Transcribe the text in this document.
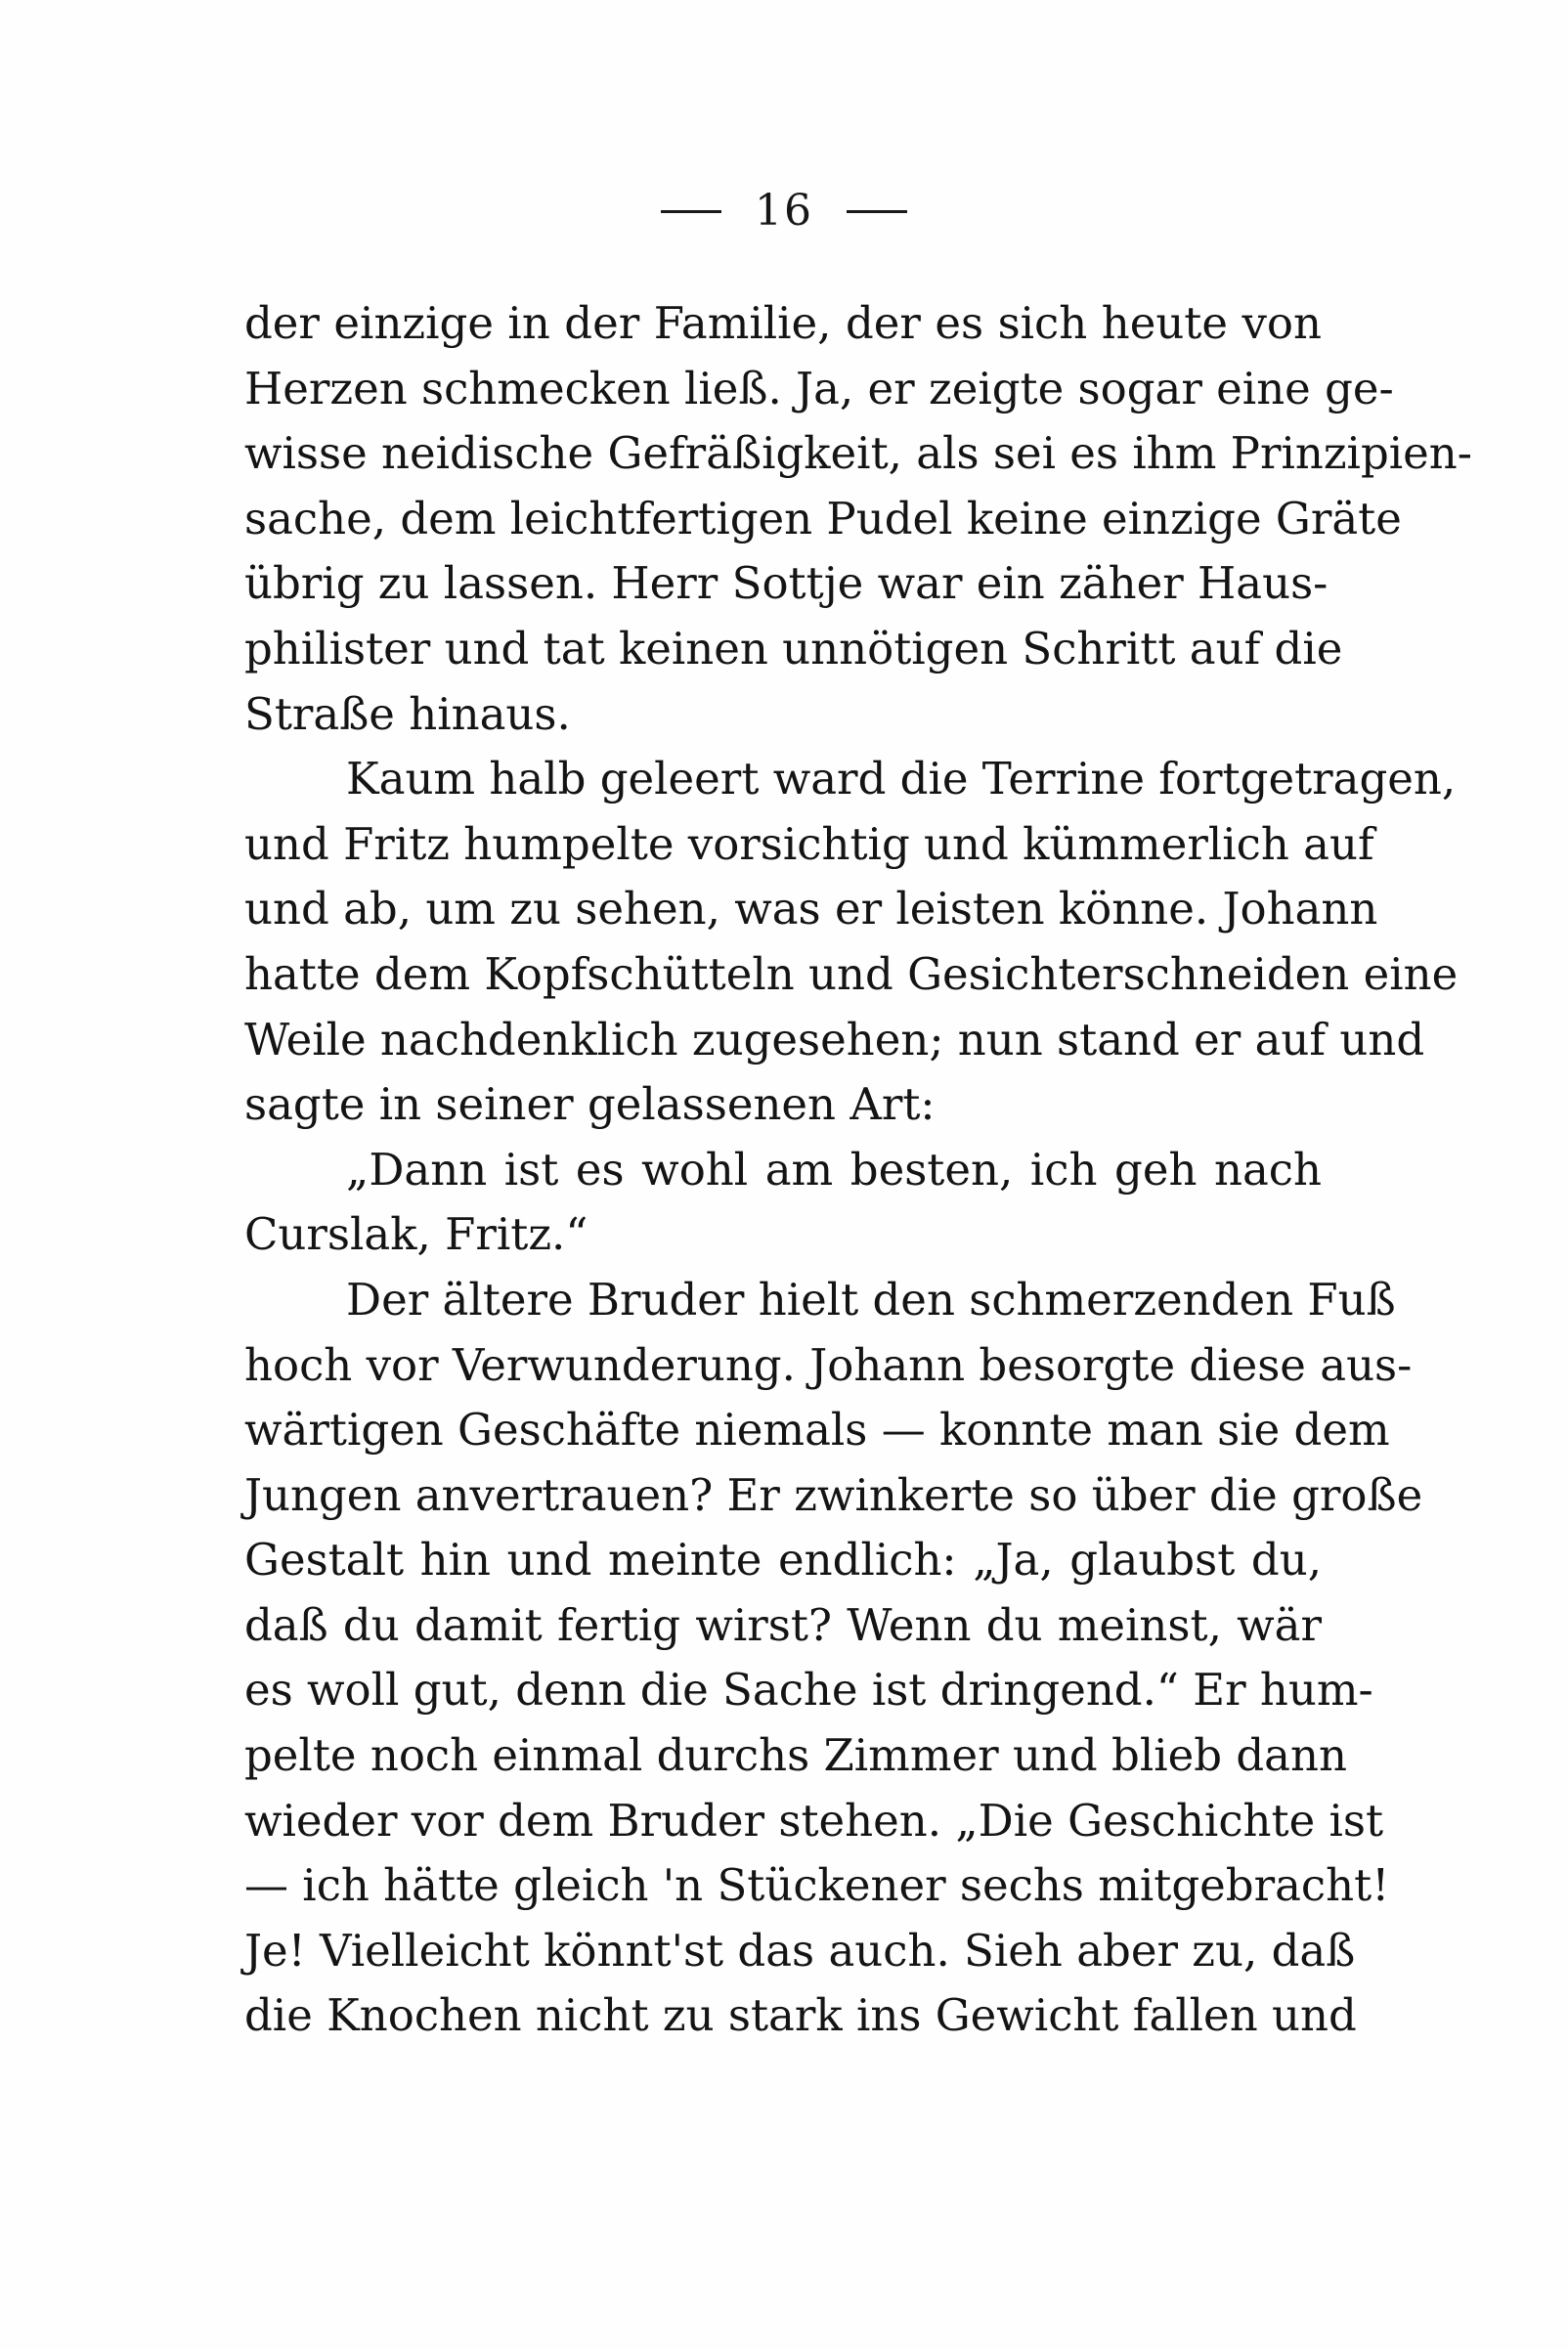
16
der einzige in der Familie, der es sich heute von
Herzen schmecken ließ. Ja, er zeigte sogar eine ge-
wisse neidische Gefräßigkeit, als sei es ihm Prinzipien-
sache, dem leichtfertigen Pudel keine einzige Gräte
übrig zu lassen. Herr Sottje war ein zäher Haus-
philister und tat keinen unnötigen Schritt auf die
Straße hinaus.
Kaum halb geleert ward die Terrine fortgetragen,
und Fritz humpelte vorsichtig und kümmerlich auf
und ab, um zu sehen, was er leisten könne. Johann
hatte dem Kopfschütteln und Gesichterschneiden eine
Weile nachdenklich zugesehen; nun stand er auf und
sagte in seiner gelassenen Art:
„Dann ist es wohl am besten, ich geh nach
Curslak, Fritz.“
Der ältere Bruder hielt den schmerzenden Fuß
hoch vor Verwunderung. Johann besorgte diese aus-
wärtigen Geschäfte niemals — konnte man sie dem
Jungen anvertrauen? Er zwinkerte so über die große
Gestalt hin und meinte endlich: „Ja, glaubst du,
daß du damit fertig wirst? Wenn du meinst, wär
es woll gut, denn die Sache ist dringend.“ Er hum-
pelte noch einmal durchs Zimmer und blieb dann
wieder vor dem Bruder stehen. „Die Geschichte ist
— ich hätte gleich 'n Stückener sechs mitgebracht!
Je! Vielleicht könnt'st das auch. Sieh aber zu, daß
die Knochen nicht zu stark ins Gewicht fallen und
